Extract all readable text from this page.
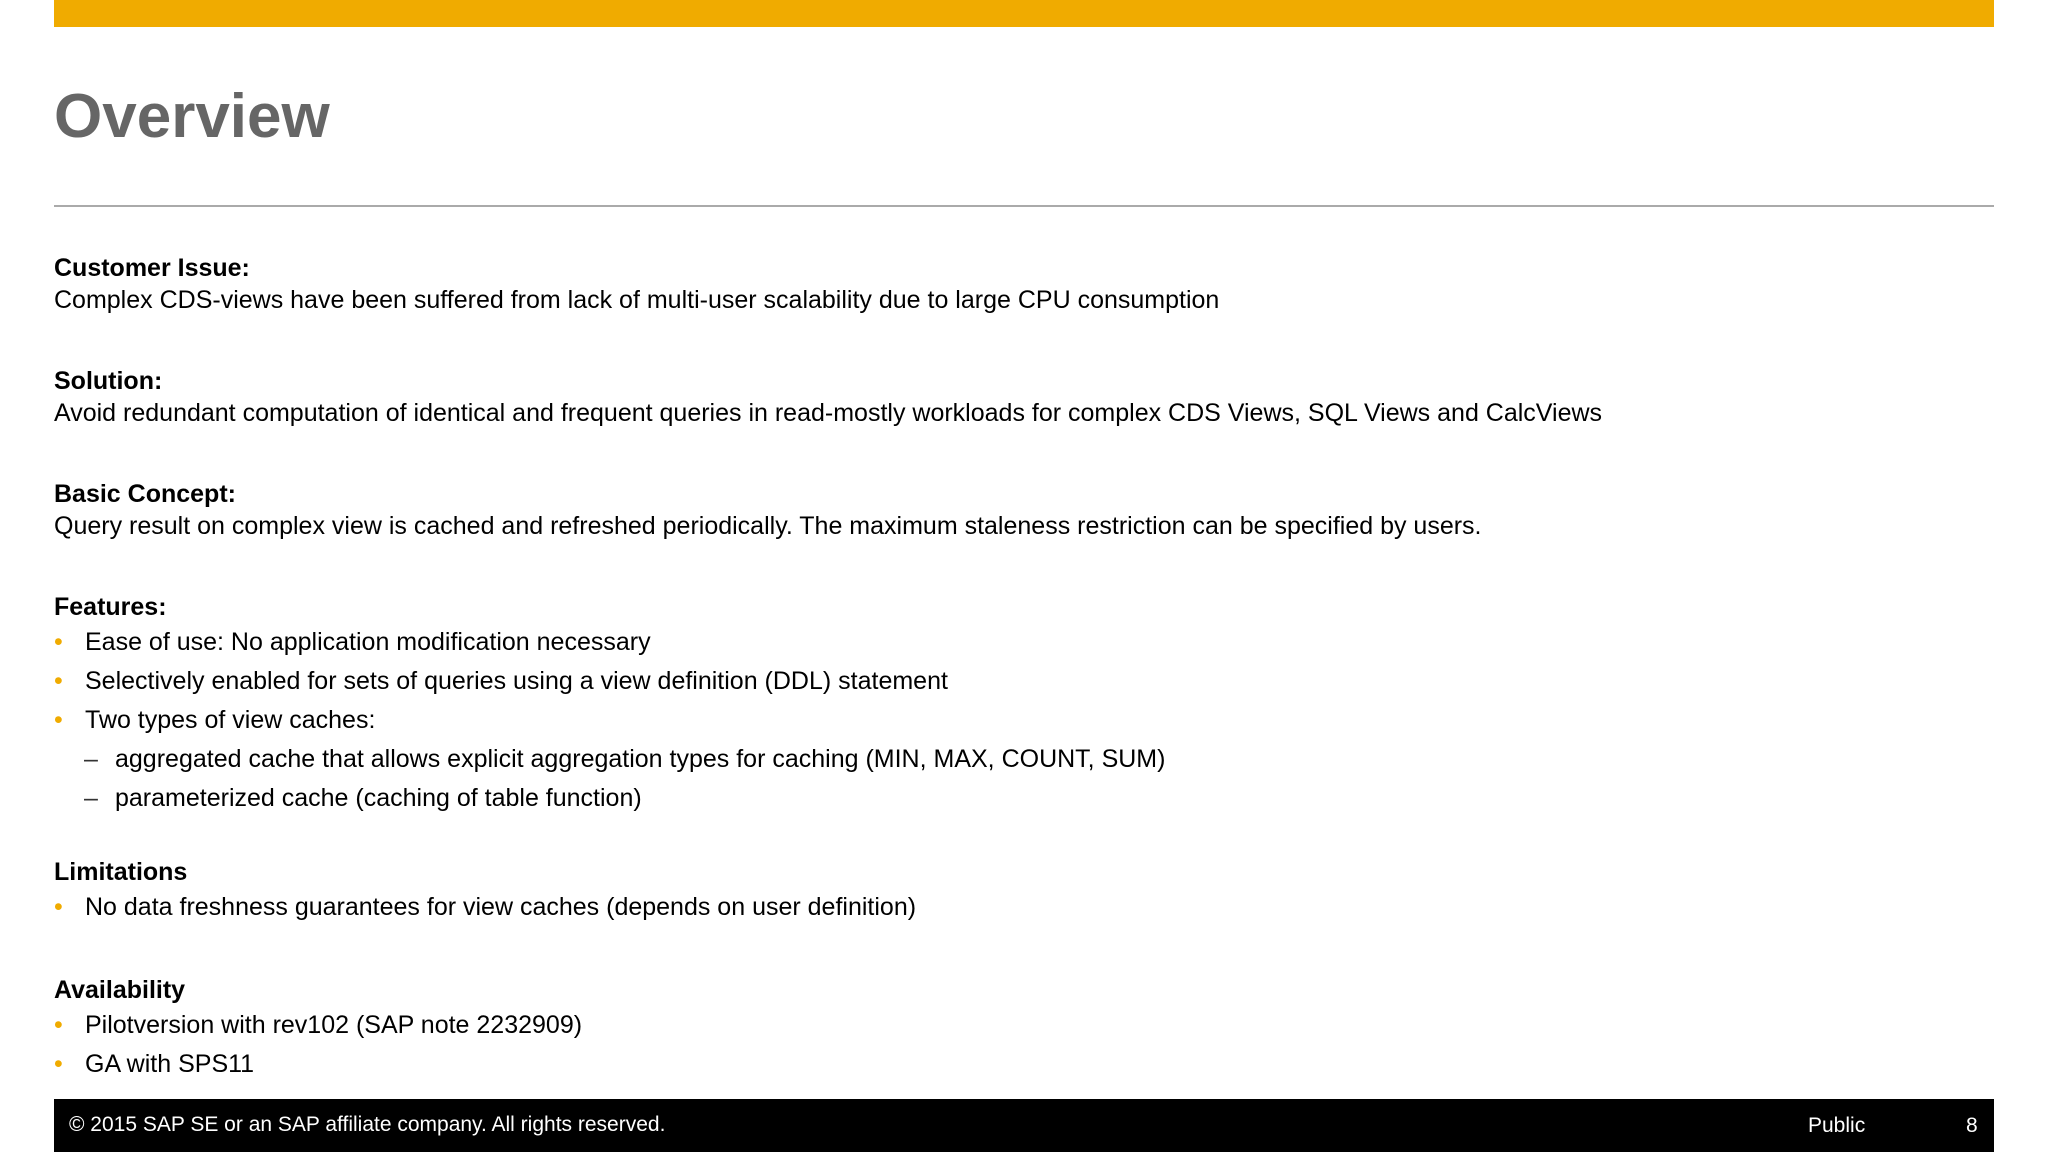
Overview
Customer Issue:
Complex CDS-views have been suffered from lack of multi-user scalability due to large CPU consumption
Solution:
Avoid redundant computation of identical and frequent queries in read-mostly workloads for complex CDS Views, SQL Views and CalcViews
Basic Concept:
Query result on complex view is cached and refreshed periodically. The maximum staleness restriction can be specified by users.
Features:
• Ease of use: No application modification necessary
• Selectively enabled for sets of queries using a view definition (DDL) statement
• Two types of view caches:
– aggregated cache that allows explicit aggregation types for caching (MIN, MAX, COUNT, SUM)
– parameterized cache (caching of table function)
Limitations
• No data freshness guarantees for view caches (depends on user definition)
Availability
• Pilotversion with rev102 (SAP note 2232909)
• GA with SPS11
© 2015 SAP SE or an SAP affiliate company. All rights reserved.	Public	8
